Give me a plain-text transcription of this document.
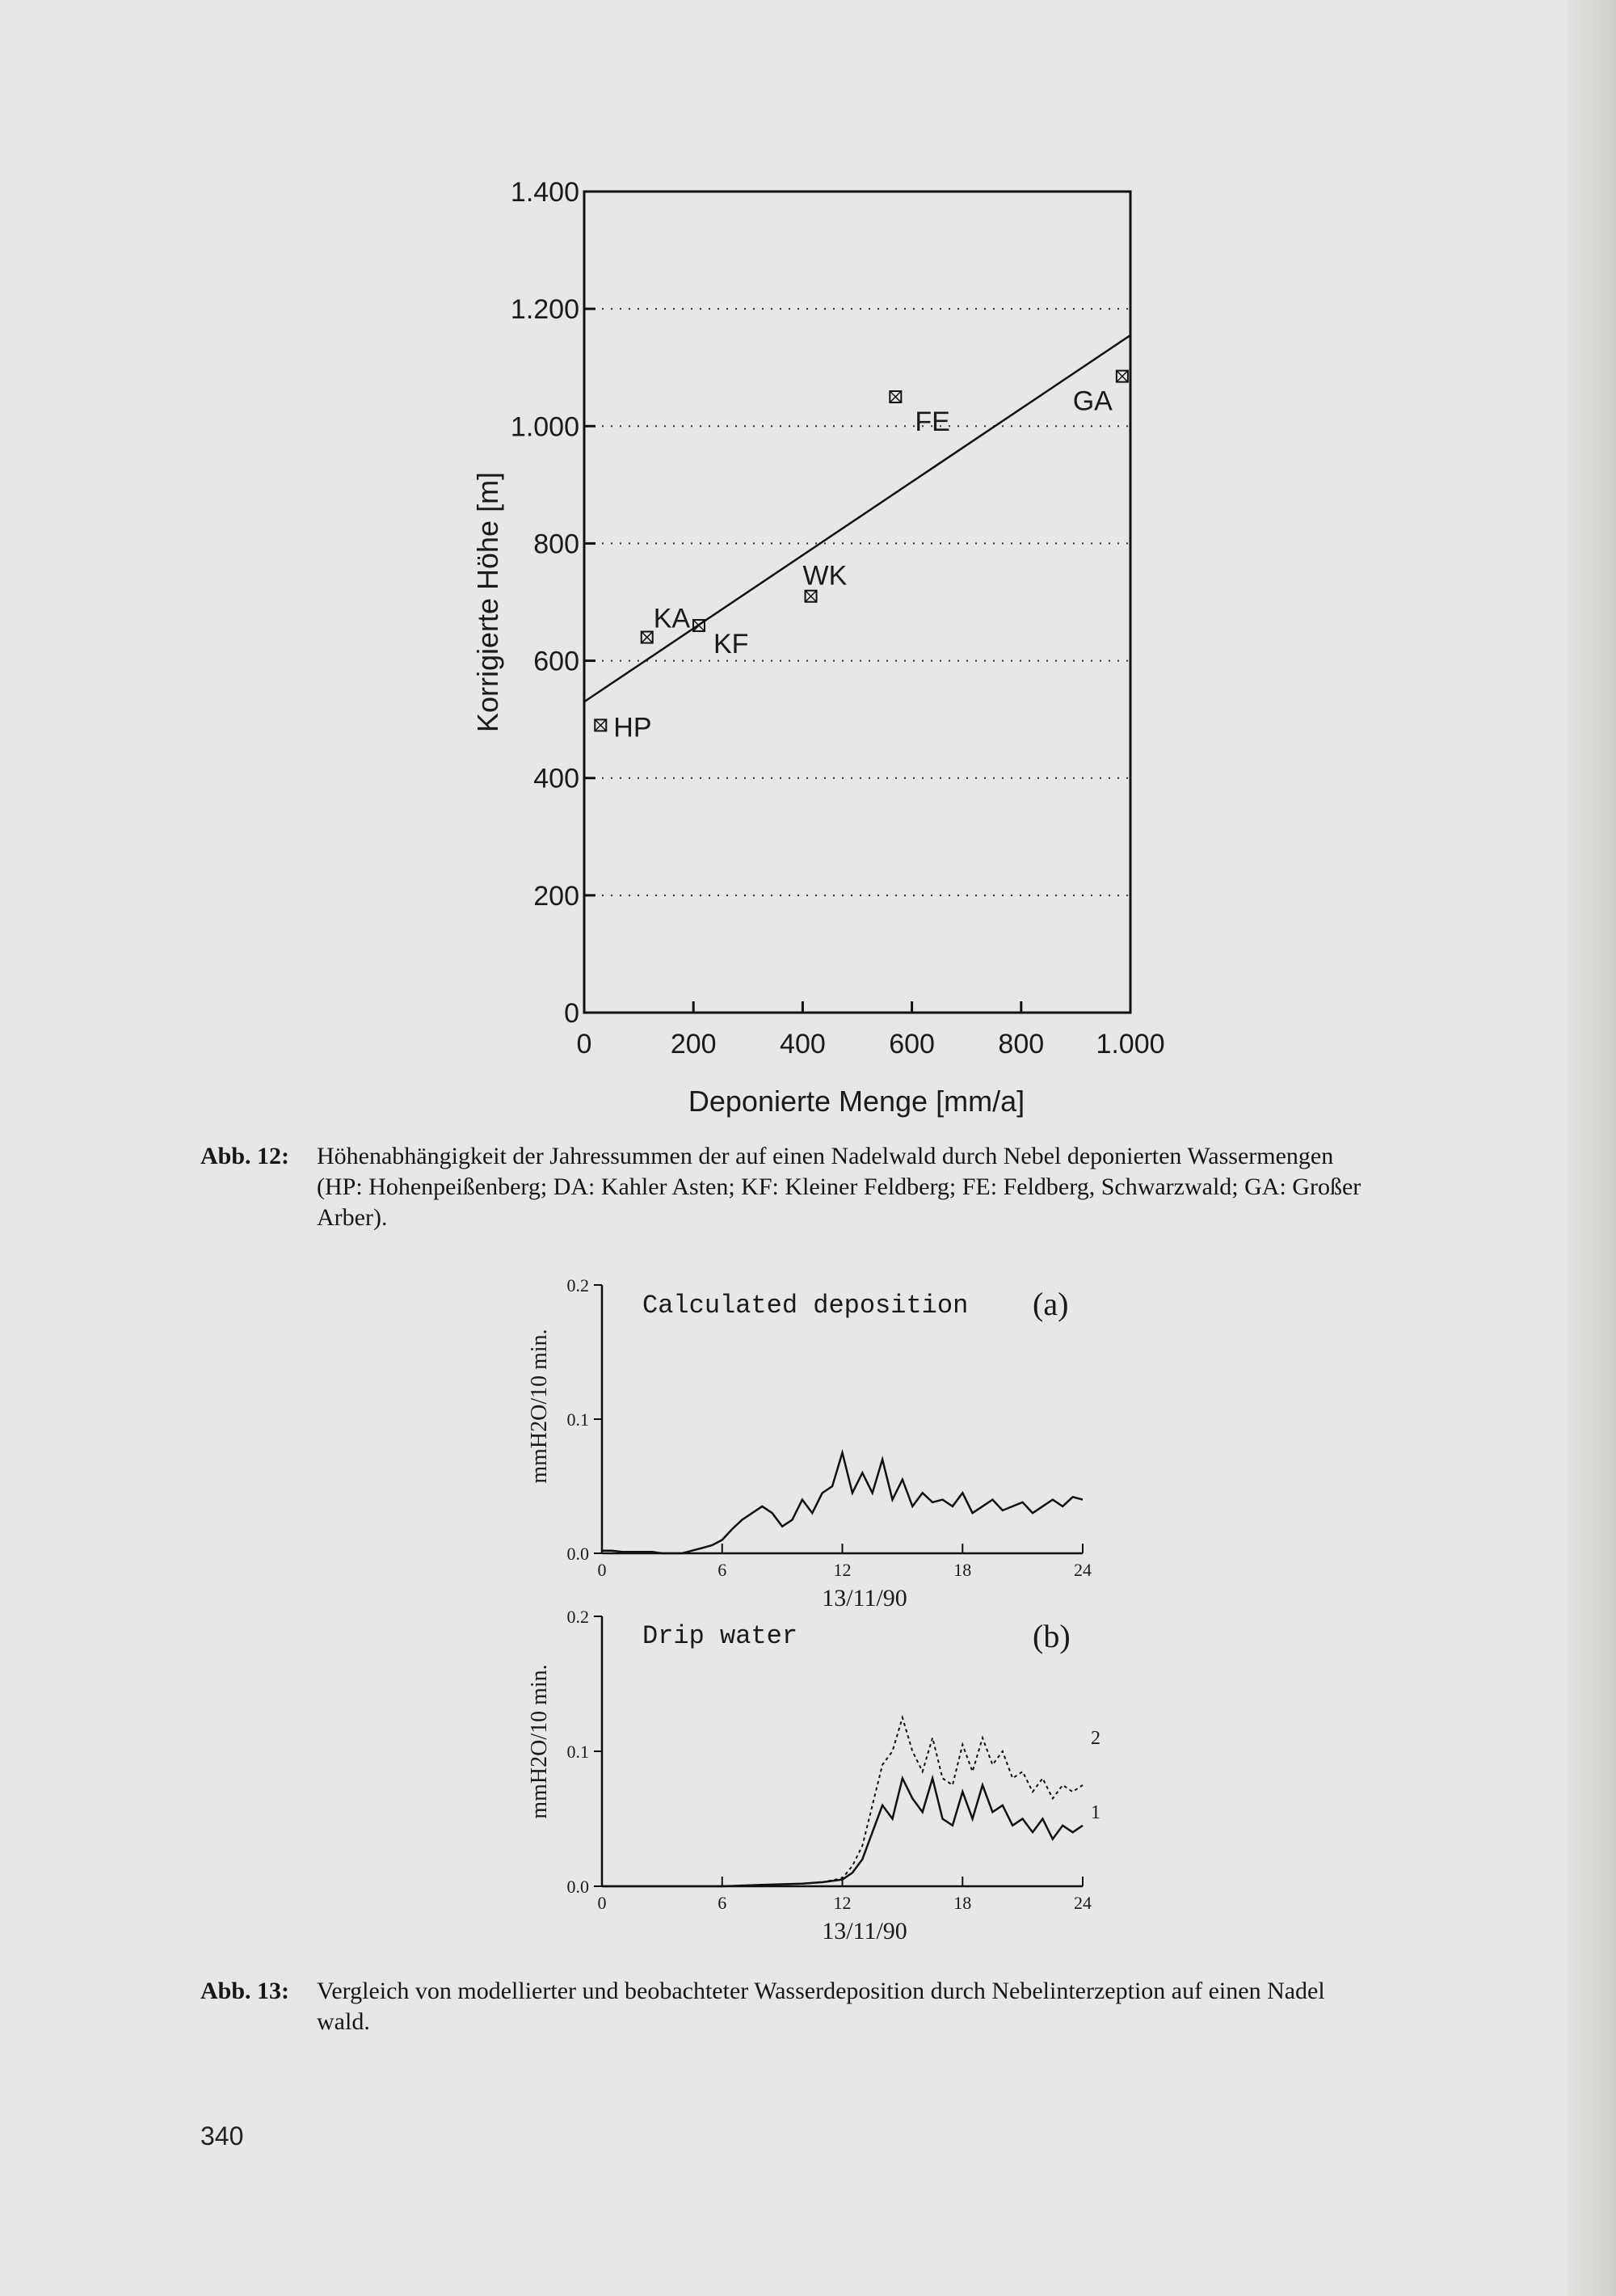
0
200
400
600
800
1.000
1.200
1.400
0	200 400 600 800 1.000
HP
KA
KF
WK
FE
GA
Deponierte Menge [mm/a]
Korrigierte Höhe [m]
Abb. 12: Höhenabhängigkeit der Jahressummen der auf einen Nadelwald durch Nebel deponierten Wassermengen
(HP: Hohenpeißenberg; DA: Kahler Asten; KF: Kleiner Feldberg; FE: Feldberg, Schwarzwald; GA: Großer
Arber).
0.0
0.1
0.2
0	6	12	18	24
0.0
0.1
0.2
0	6	12	18	24
Calculated deposition (a)
13/11/90
mmH2O/10 min.
Drip water	(b)
13/11/90
mmH2O/10 min.	2
1
Abb. 13: Vergleich von modellierter und beobachteter Wasserdeposition durch Nebelinterzeption auf einen Nadel
wald.
340
